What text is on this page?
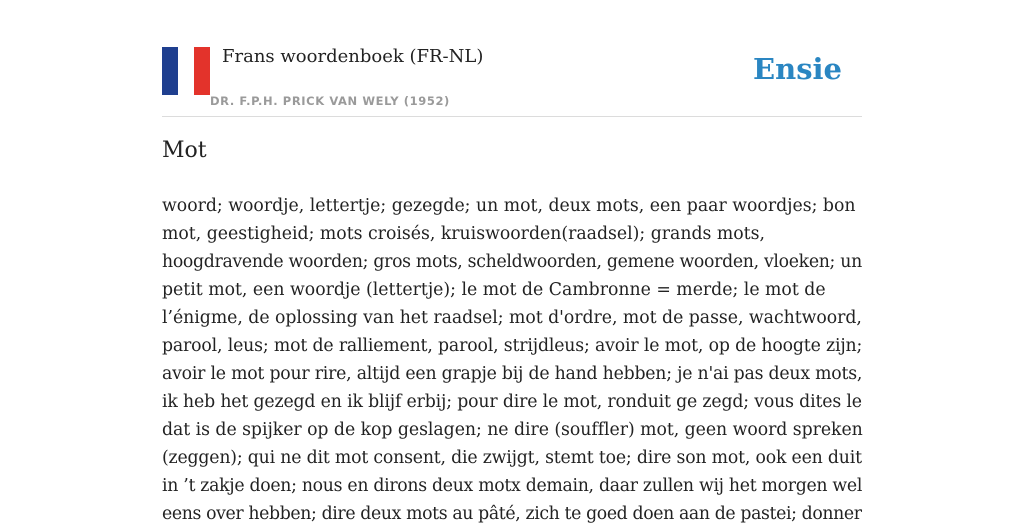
Frans woordenboek (FR-NL)
DR. F.P.H. PRICK VAN WELY (1952)
Ensie
Mot

woord; woordje, lettertje; gezegde; un mot, deux mots, een paar woordjes; bon
mot, geestigheid; mots croisés, kruiswoorden(raadsel); grands mots,
hoogdravende woorden; gros mots, scheldwoorden, gemene woorden, vloeken; un
petit mot, een woordje (lettertje); le mot de Cambronne = merde; le mot de
l’énigme, de oplossing van het raadsel; mot d'ordre, mot de passe, wachtwoord,
parool, leus; mot de ralliement, parool, strijdleus; avoir le mot, op de hoogte zijn;
avoir le mot pour rire, altijd een grapje bij de hand hebben; je n'ai pas deux mots,
ik heb het gezegd en ik blijf erbij; pour dire le mot, ronduit ge zegd; vous dites le
dat is de spijker op de kop geslagen; ne dire (souffler) mot, geen woord spreken
(zeggen); qui ne dit mot consent, die zwijgt, stemt toe; dire son mot, ook een duit
in ’t zakje doen; nous en dirons deux motx demain, daar zullen wij het morgen wel
eens over hebben; dire deux mots au pâté, zich te goed doen aan de pastei; donner
